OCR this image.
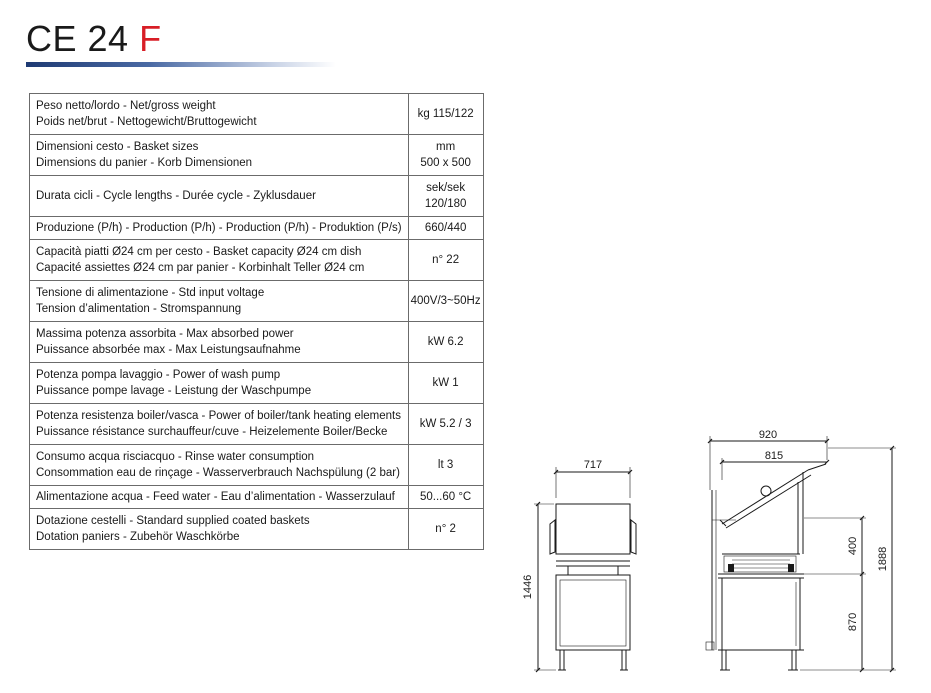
CE 24 F
Peso netto/lordo - Net/gross weight
Poids net/brut - Nettogewicht/Bruttogewicht	kg 115/122

Dimensioni cesto - Basket sizes
Dimensions du panier - Korb Dimensionen	mm
500 x 500

Durata cicli - Cycle lengths - Durée cycle - Zyklusdauer	sek/sek
120/180

Produzione (P/h) - Production (P/h) - Production (P/h) - Produktion (P/s)	660/440

Capacità piatti Ø24 cm per cesto - Basket capacity Ø24 cm dish
Capacité assiettes Ø24 cm par panier - Korbinhalt Teller Ø24 cm	n° 22

Tensione di alimentazione - Std input voltage
Tension d’alimentation - Stromspannung	400V/3~50Hz

Massima potenza assorbita - Max absorbed power
Puissance absorbée max - Max Leistungsaufnahme	kW 6.2

Potenza pompa lavaggio - Power of wash pump
Puissance pompe lavage - Leistung der Waschpumpe	kW 1

Potenza resistenza boiler/vasca - Power of boiler/tank heating elements
Puissance résistance surchauffeur/cuve - Heizelemente Boiler/Becke	kW 5.2 / 3

Consumo acqua risciacquo - Rinse water consumption
Consommation eau de rinçage - Wasserverbrauch Nachspülung (2 bar)	lt 3

Alimentazione acqua - Feed water - Eau d’alimentation - Wasserzulauf	50...60 °C

Dotazione cestelli - Standard supplied coated baskets
Dotation paniers - Zubehör Waschkörbe	n° 2
717
1446
920
815
400
870
1888
